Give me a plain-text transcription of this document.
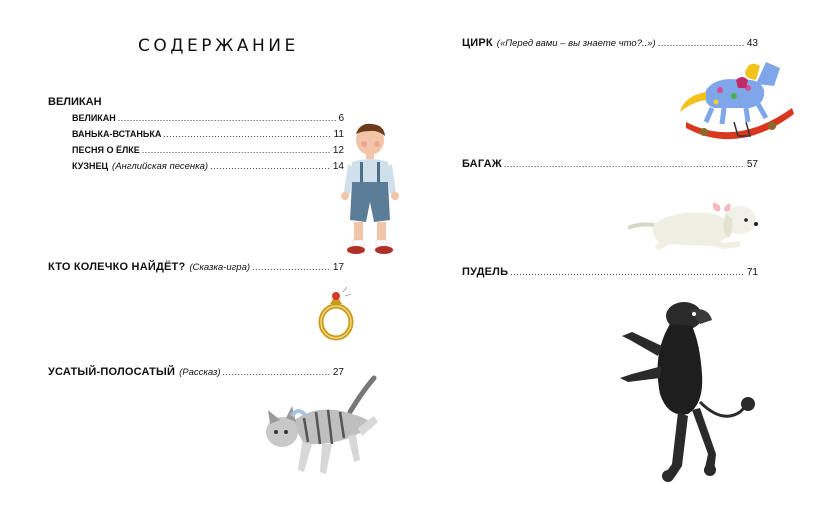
СОДЕРЖАНИЕ
ВЕЛИКАН
ВЕЛИКАН . . .	6
ВАНЬКА-ВСТАНЬКА . . .	11
ПЕСНЯ О ЁЛКЕ . . .	12
КУЗНЕЦ (Английская песенка) . . .	14
КТО КОЛЕЧКО НАЙДЁТ? (Сказка-игра) . . .	17
УСАТЫЙ-ПОЛОСАТЫЙ (Рассказ) . . .	27
ЦИРК («Перед вами – вы знаете что?..») . . .	43
БАГАЖ . . .	57
ПУДЕЛЬ . . .	71
